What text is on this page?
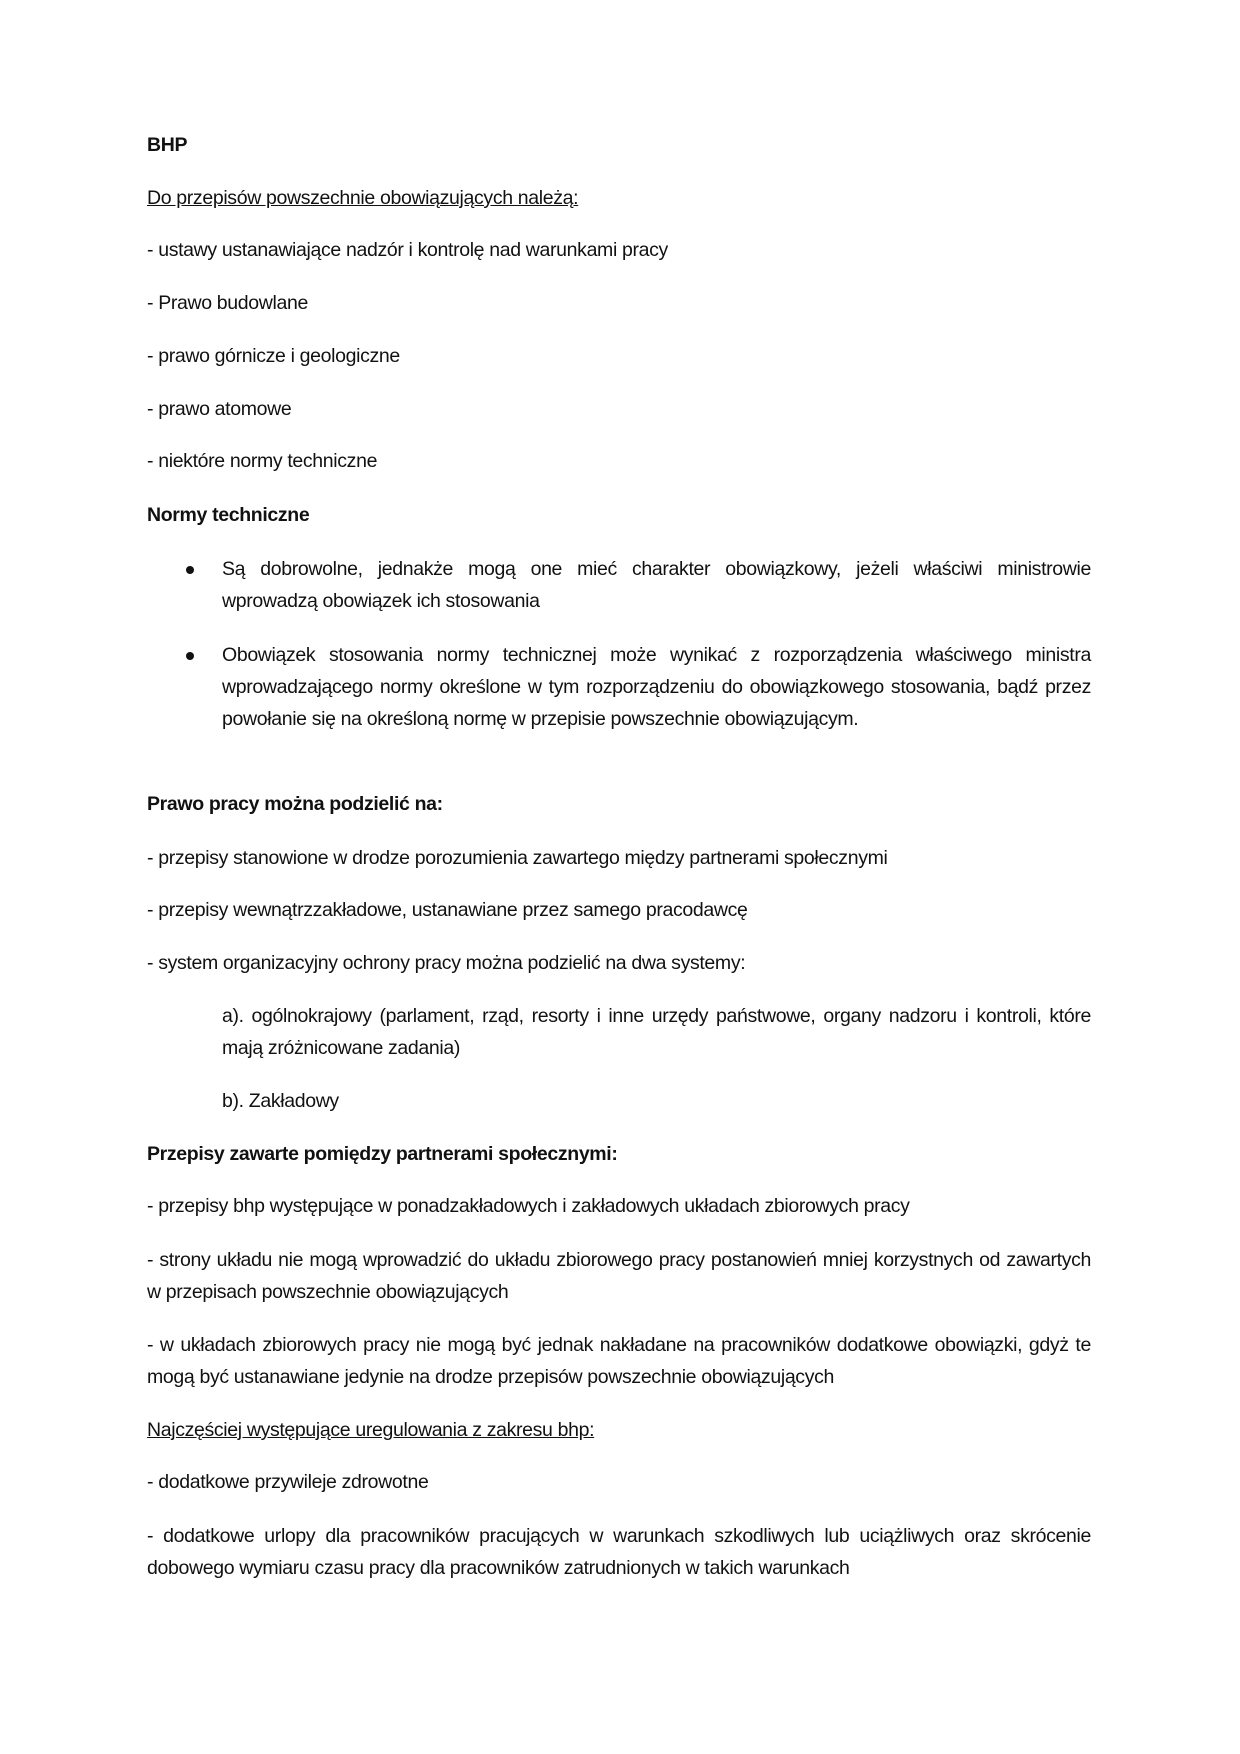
BHP

Do przepisów powszechnie obowiązujących należą:

- ustawy ustanawiające nadzór i kontrolę nad warunkami pracy

- Prawo budowlane

- prawo górnicze i geologiczne

- prawo atomowe

- niektóre normy techniczne

Normy techniczne

Są dobrowolne, jednakże mogą one mieć charakter obowiązkowy, jeżeli właściwi ministrowie wprowadzą obowiązek ich stosowania

Obowiązek stosowania normy technicznej może wynikać z rozporządzenia właściwego ministra wprowadzającego normy określone w tym rozporządzeniu do obowiązkowego stosowania, bądź przez powołanie się na określoną normę w przepisie powszechnie obowiązującym.

Prawo pracy można podzielić na:

- przepisy stanowione w drodze porozumienia zawartego między partnerami społecznymi

- przepisy wewnątrzzakładowe, ustanawiane przez samego pracodawcę

- system organizacyjny ochrony pracy można podzielić na dwa systemy:

a). ogólnokrajowy (parlament, rząd, resorty i inne urzędy państwowe, organy nadzoru i kontroli, które mają zróżnicowane zadania)

b). Zakładowy

Przepisy zawarte pomiędzy partnerami społecznymi:

- przepisy bhp występujące w ponadzakładowych i zakładowych układach zbiorowych pracy

- strony układu nie mogą wprowadzić do układu zbiorowego pracy postanowień mniej korzystnych od zawartych w przepisach powszechnie obowiązujących

- w układach zbiorowych pracy nie mogą być jednak nakładane na pracowników dodatkowe obowiązki, gdyż te mogą być ustanawiane jedynie na drodze przepisów powszechnie obowiązujących

Najczęściej występujące uregulowania z zakresu bhp:

- dodatkowe przywileje zdrowotne

- dodatkowe urlopy dla pracowników pracujących w warunkach szkodliwych lub uciążliwych oraz skrócenie dobowego wymiaru czasu pracy dla pracowników zatrudnionych w takich warunkach
